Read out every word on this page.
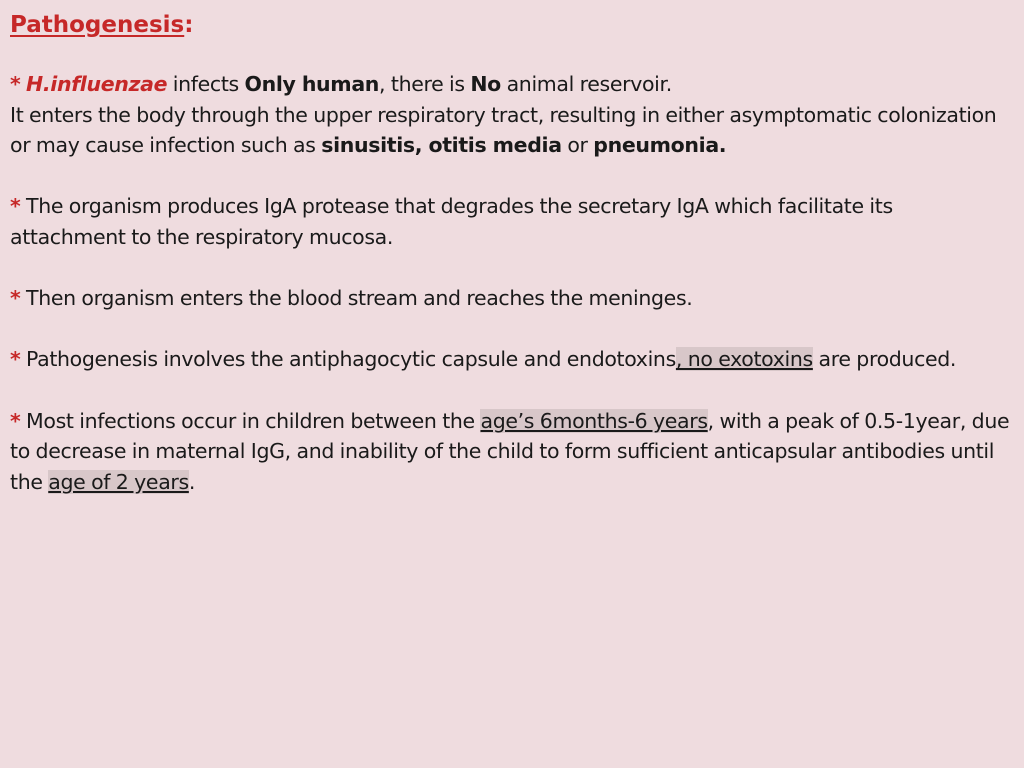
Pathogenesis:

* H.influenzae infects Only human, there is No animal reservoir.
It enters the body through the upper respiratory tract, resulting in either asymptomatic colonization or may cause infection such as sinusitis, otitis media or pneumonia.

* The organism produces IgA protease that degrades the secretary IgA which facilitate its attachment to the respiratory mucosa.

* Then organism enters the blood stream and reaches the meninges.

* Pathogenesis involves the antiphagocytic capsule and endotoxins, no exotoxins are produced.

* Most infections occur in children between the age’s 6months-6 years, with a peak of 0.5-1year, due to decrease in maternal IgG, and inability of the child to form sufficient anticapsular antibodies until the age of 2 years.
